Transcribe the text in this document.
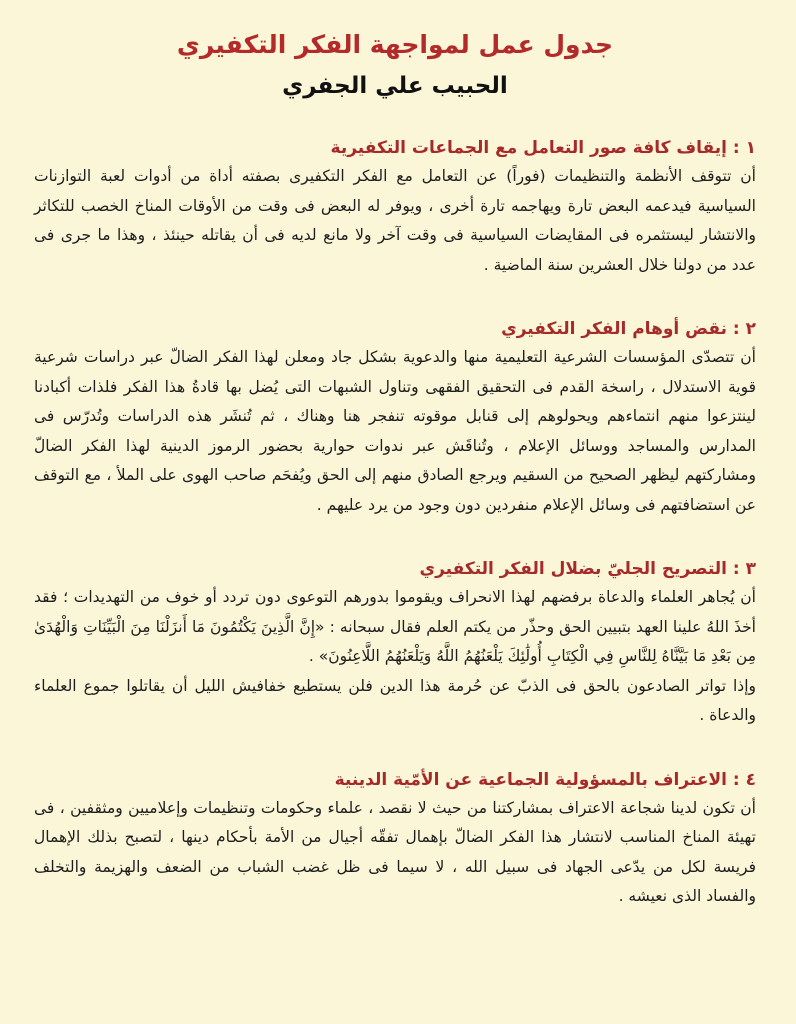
جدول عمل لمواجهة الفكر التكفيري
الحبيب علي الجفري
١ : إيقاف كافة صور التعامل مع الجماعات التكفيرية

أن تتوقف الأنظمة والتنظيمات (فوراً) عن التعامل مع الفكر التكفيرى بصفته أداة من أدوات لعبة التوازنات السياسية فيدعمه البعض تارة ويهاجمه تارة أخرى ، ويوفر له البعض فى وقت من الأوقات المناخ الخصب للتكاثر والانتشار ليستثمره فى المقايضات السياسية فى وقت آخر ولا مانع لديه فى أن يقاتله حينئذ ، وهذا ما جرى فى عدد من دولنا خلال العشرين سنة الماضية .

٢ : نقض أوهام الفكر التكفيري

أن تتصدّى المؤسسات الشرعية التعليمية منها والدعوية بشكل جاد ومعلن لهذا الفكر الضالّ عبر دراسات شرعية قوية الاستدلال ، راسخة القدم فى التحقيق الفقهى وتناول الشبهات التى يُضل بها قادةُ هذا الفكر فلذات أكبادنا لينتزعوا منهم انتماءهم ويحولوهم إلى قنابل موقوته تنفجر هنا وهناك ، ثم تُنشَر هذه الدراسات وتُدرّس فى المدارس والمساجد ووسائل الإعلام ، وتُناقَش عبر ندوات حوارية بحضور الرموز الدينية لهذا الفكر الضالّ ومشاركتهم ليظهر الصحيح من السقيم ويرجع الصادق منهم إلى الحق ويُفحَم صاحب الهوى على الملأ ، مع التوقف عن استضافتهم فى وسائل الإعلام منفردين دون وجود من يرد عليهم .

٣ : التصريح الجليّ بضلال الفكر التكفيري

أن يُجاهر العلماء والدعاة برفضهم لهذا الانحراف ويقوموا بدورهم التوعوى دون تردد أو خوف من التهديدات ؛ فقد أخذَ اللهُ علينا العهد بتبيين الحق وحذّر من يكتم العلم فقال سبحانه : «إِنَّ الَّذِينَ يَكْتُمُونَ مَا أَنزَلْنَا مِنَ الْبَيِّنَاتِ وَالْهُدَىٰ مِن بَعْدِ مَا بَيَّنَّاهُ لِلنَّاسِ فِي الْكِتَابِ أُولَٰئِكَ يَلْعَنُهُمُ اللَّهُ وَيَلْعَنُهُمُ اللَّاعِنُونَ» .

وإذا تواتر الصادعون بالحق فى الذبّ عن حُرمة هذا الدين فلن يستطيع خفافيش الليل أن يقاتلوا جموع العلماء والدعاة .

٤ : الاعتراف بالمسؤولية الجماعية عن الأمّية الدينية

أن تكون لدينا شجاعة الاعتراف بمشاركتنا من حيث لا نقصد ، علماء وحكومات وتنظيمات وإعلاميين ومثقفين ، فى تهيئة المناخ المناسب لانتشار هذا الفكر الضالّ بإهمال تفقّه أجيال من الأمة بأحكام دينها ، لتصبح بذلك الإهمال فريسة لكل من يدّعى الجهاد فى سبيل الله ، لا سيما فى ظل غضب الشباب من الضعف والهزيمة والتخلف والفساد الذى نعيشه .
